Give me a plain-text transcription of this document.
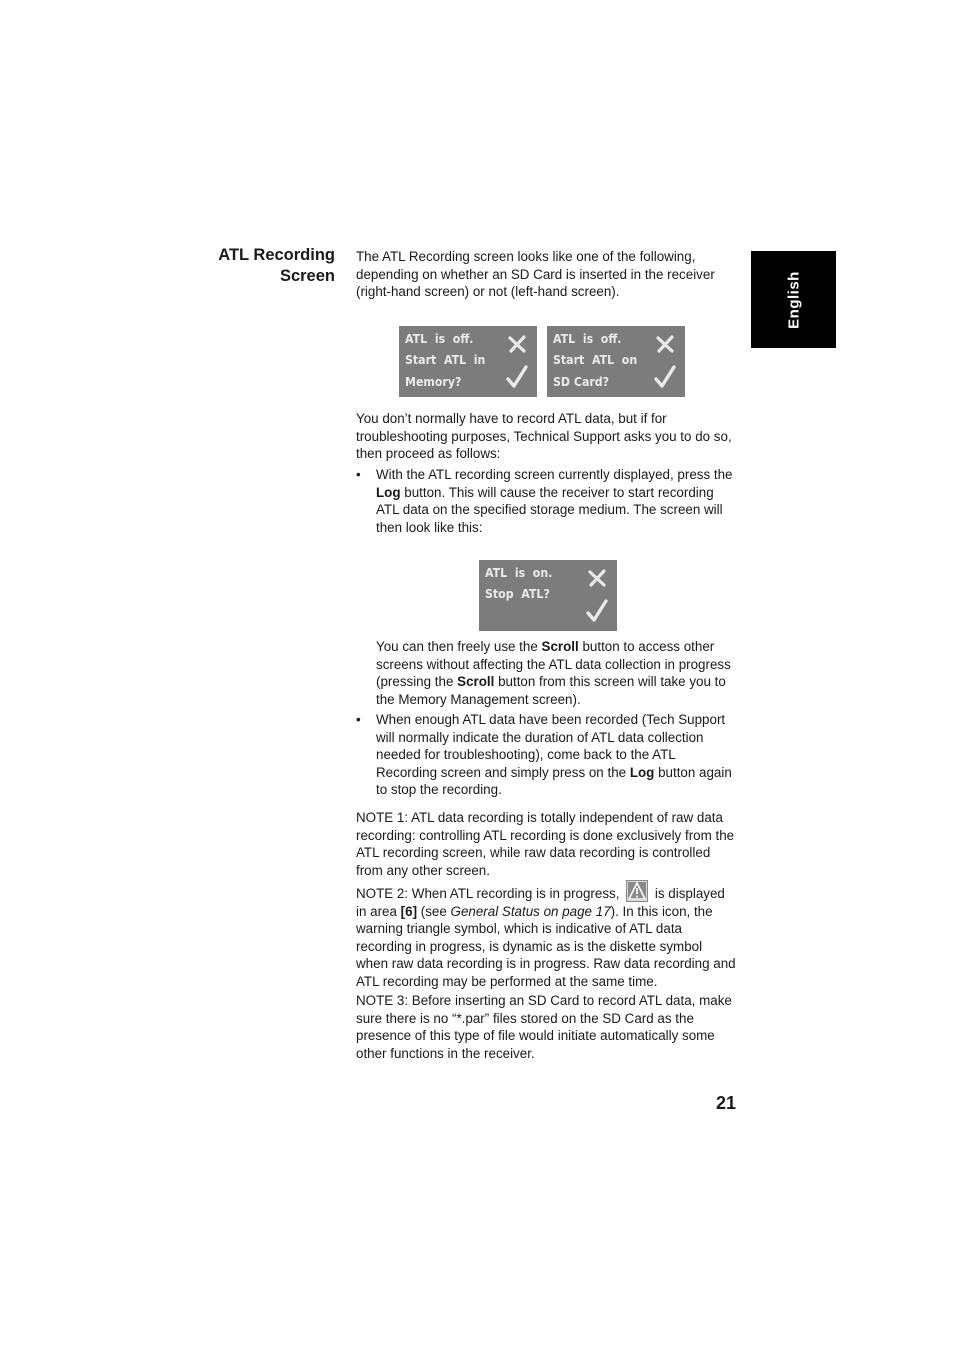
ATL Recording
Screen	English
The ATL Recording screen looks like one of the following, depending on whether an SD Card is inserted in the receiver (right-hand screen) or not (left-hand screen).
ATL  is  off.
Start  ATL  in
Memory?
ATL  is  off.
Start  ATL  on
SD Card?
You don’t normally have to record ATL data, but if for troubleshooting purposes, Technical Support asks you to do so, then proceed as follows:
• With the ATL recording screen currently displayed, press the Log button. This will cause the receiver to start recording ATL data on the specified storage medium. The screen will then look like this:
ATL  is  on.
Stop  ATL?
You can then freely use the Scroll button to access other screens without affecting the ATL data collection in progress (pressing the Scroll button from this screen will take you to the Memory Management screen).
• When enough ATL data have been recorded (Tech Support will normally indicate the duration of ATL data collection needed for troubleshooting), come back to the ATL Recording screen and simply press on the Log button again to stop the recording.
NOTE 1: ATL data recording is totally independent of raw data recording: controlling ATL recording is done exclusively from the ATL recording screen, while raw data recording is controlled from any other screen.
NOTE 2: When ATL recording is in progress,  is displayed in area [6] (see General Status on page 17). In this icon, the warning triangle symbol, which is indicative of ATL data recording in progress, is dynamic as is the diskette symbol when raw data recording is in progress. Raw data recording and ATL recording may be performed at the same time.
NOTE 3: Before inserting an SD Card to record ATL data, make sure there is no “*.par” files stored on the SD Card as the presence of this type of file would initiate automatically some other functions in the receiver.
21
